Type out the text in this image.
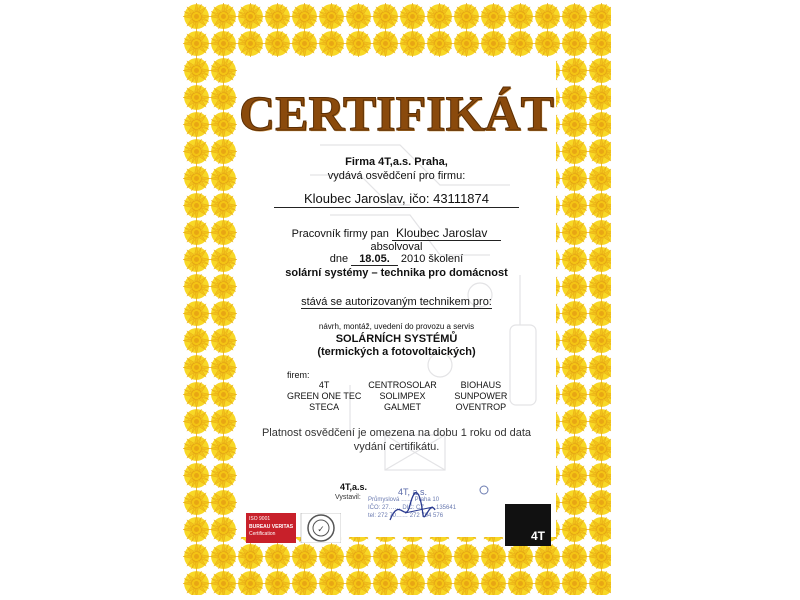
CERTIFIKÁT
Firma 4T,a.s. Praha,
vydává osvědčení pro firmu:
Kloubec Jaroslav, ičo: 43111874
Pracovník firmy pan Kloubec Jaroslav
absolvoval
dne 18.05. 2010 školení
solární systémy – technika pro domácnost
stává se autorizovaným technikem pro:
návrh, montáž, uvedení do provozu a servis
SOLÁRNÍCH SYSTÉMŮ
(termických a fotovoltaických)
firem:
4T	CENTROSOLAR	BIOHAUS
GREEN ONE TEC	SOLIMPEX	SUNPOWER
STECA	GALMET	OVENTROP
Platnost osvědčení je omezena na dobu 1 roku od data
vydání certifikátu.
4T,a.s.
Vystavil:
✓
ISO 9001
BUREAU VERITAS
Certification
4T, a.s.
Průmyslová …… Praha 10
IČO: 27…… DIČ: CZ……135641
tel: 272 70…… 272 704 576
4T
